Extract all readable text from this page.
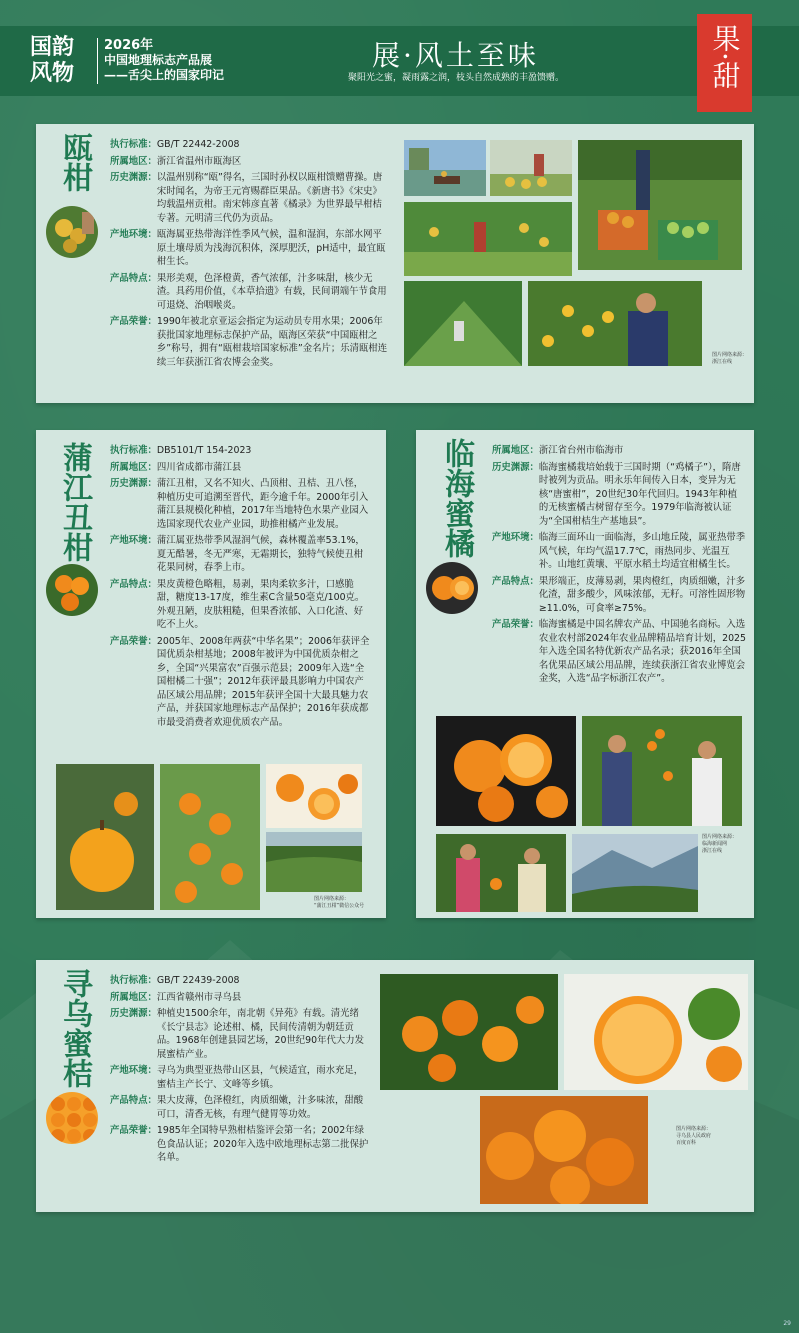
国韵风物
2026年
中国地理标志产品展
——舌尖上的国家印记
展·风土至味
聚阳光之蜜，凝雨露之润，枝头自然成熟的丰盈馈赠。	果·甜
瓯柑 执行标准： GB/T 22442-2008
所属地区： 浙江省温州市瓯海区
历史渊源： 以温州别称“瓯”得名，三国时孙权以瓯柑馈赠曹操。唐宋时闻名，为帝王元宵赐群臣果品。《新唐书》《宋史》均载温州贡柑。南宋韩彦直著《橘录》为世界最早柑桔专著。元明清三代仍为贡品。
产地环境： 瓯海属亚热带海洋性季风气候，温和湿润，东部水网平原土壤母质为浅海沉积体，深厚肥沃，pH适中，最宜瓯柑生长。
产品特点： 果形美观，色泽橙黄，香气浓郁，汁多味甜，核少无渣。具药用价值，《本草拾遗》有载，民间谓端午节食用可退烧、治咽喉炎。
产品荣誉： 1990年被北京亚运会指定为运动员专用水果；2006年获批国家地理标志保护产品，瓯海区荣获“中国瓯柑之乡”称号，拥有“瓯柑栽培国家标准”金名片；乐清瓯柑连续三年获浙江省农博会金奖。
图片网络来源：
浙江在线
蒲江丑柑 执行标准： DB5101/T 154-2023
所属地区： 四川省成都市蒲江县
历史渊源： 蒲江丑柑，又名不知火、凸顶柑、丑桔、丑八怪，种植历史可追溯至晋代，距今逾千年。2000年引入蒲江县规模化种植，2017年当地特色水果产业园入选国家现代农业产业园，助推柑橘产业发展。
产地环境： 蒲江属亚热带季风湿润气候，森林覆盖率53.1%，夏无酷暑，冬无严寒，无霜期长，独特气候使丑柑花果同树，春季上市。
产品特点： 果皮黄橙色略粗，易剥，果肉柔软多汁，口感脆甜，糖度13-17度，维生素C含量50毫克/100克。外观丑陋，皮肤粗糙，但果香浓郁、入口化渣、好吃不上火。
产品荣誉： 2005年、2008年两获“中华名果”；2006年获评全国优质杂柑基地；2008年被评为中国优质杂柑之乡，全国“兴果富农”百强示范县；2009年入选“全国柑橘二十强”；2012年获评最具影响力中国农产品区域公用品牌；2015年获评全国十大最具魅力农产品，并获国家地理标志产品保护；2016年获成都市最受消费者欢迎优质农产品。
图片网络来源：
“蒲江丑柑”微信公众号
临海蜜橘 所属地区： 浙江省台州市临海市
历史渊源： 临海蜜橘栽培始载于三国时期（“鸡橘子”），隋唐时被列为贡品。明永乐年间传入日本，变异为无核“唐蜜柑”，20世纪30年代回归。1943年种植的无核蜜橘古树留存至今。1979年临海被认证为“全国柑桔生产基地县”。
产地环境： 临海三面环山一面临海，多山地丘陵，属亚热带季风气候，年均气温17.7℃，雨热同步、光温互补。山地红黄壤、平原水稻土均适宜柑橘生长。
产品特点： 果形端正，皮薄易剥，果肉橙红，肉质细嫩，汁多化渣，甜多酸少，风味浓郁，无籽。可溶性固形物≥11.0%，可食率≥75%。
产品荣誉： 临海蜜橘是中国名牌农产品、中国驰名商标。入选农业农村部2024年农业品牌精品培育计划，2025年入选全国名特优新农产品名录；获2016年全国名优果品区域公用品牌，连续获浙江省农业博览会金奖，入选“品字标浙江农产”。
图片网络来源：
临海新闻网
浙江在线
寻乌蜜桔 执行标准： GB/T 22439-2008
所属地区： 江西省赣州市寻乌县
历史渊源： 种植史1500余年，南北朝《异苑》有载。清光绪《长宁县志》论述柑、橘，民间传清朝为朝廷贡品。1968年创建县园艺场，20世纪90年代大力发展蜜桔产业。
产地环境： 寻乌为典型亚热带山区县，气候适宜，雨水充足，蜜桔主产长宁、文峰等乡镇。
产品特点： 果大皮薄，色泽橙红，肉质细嫩，汁多味浓，甜酸可口，清香无核，有理气健胃等功效。
产品荣誉： 1985年全国特早熟柑桔鉴评会第一名；2002年绿色食品认证；2020年入选中欧地理标志第二批保护名单。
图片网络来源：
寻乌县人民政府
百度百科
29
